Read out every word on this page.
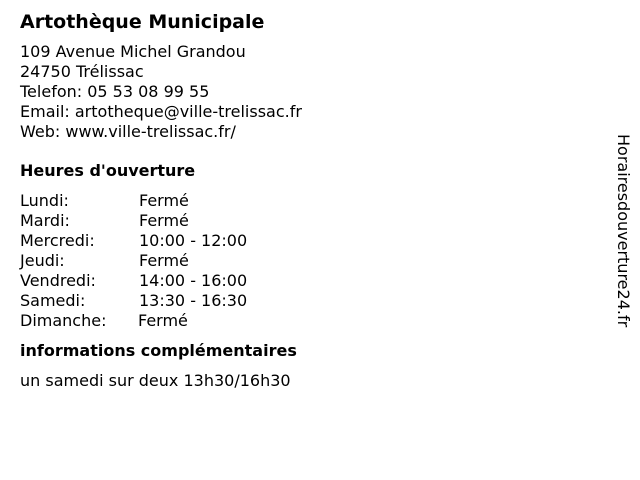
Artothèque Municipale
109 Avenue Michel Grandou
24750 Trélissac
Telefon: 05 53 08 99 55
Email: artotheque@ville-trelissac.fr
Web: www.ville-trelissac.fr/
Heures d'ouverture
Lundi:	Fermé
Mardi:	Fermé
Mercredi:	10:00 - 12:00
Jeudi:	Fermé
Vendredi:	14:00 - 16:00
Samedi:	13:30 - 16:30
Dimanche: Fermé
informations complémentaires
un samedi sur deux 13h30/16h30
Horairesdouverture24.fr
